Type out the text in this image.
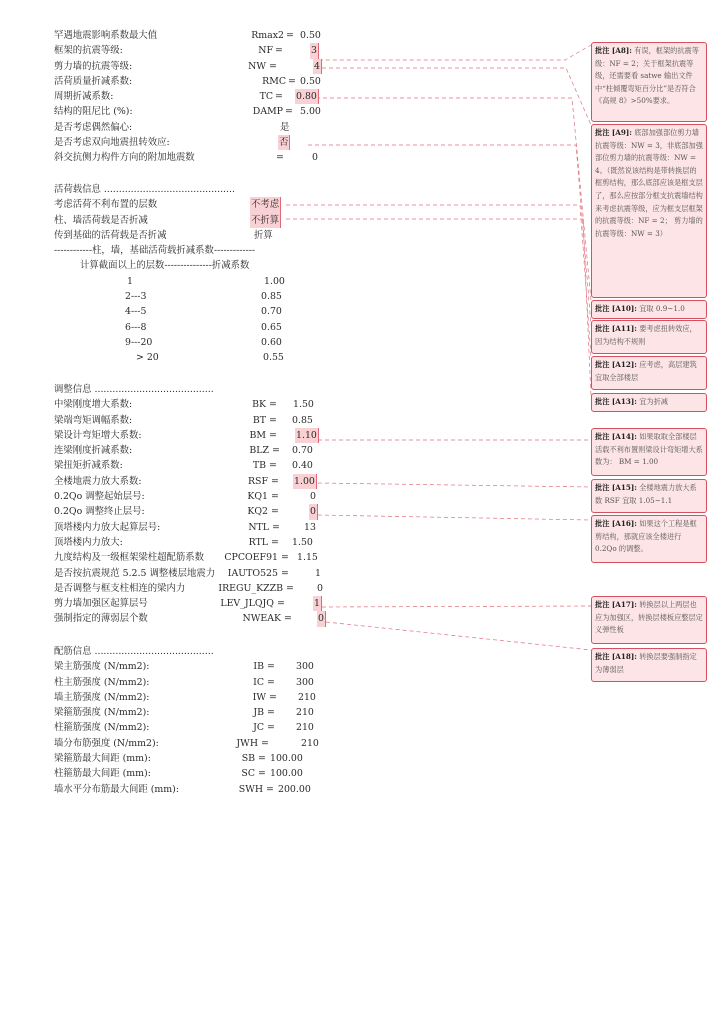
罕遇地震影响系数最大值	Rmax2 = 0.50
框架的抗震等级:	NF =	3
剪力墙的抗震等级:	NW =	4
活荷质量折减系数:	RMC = 0.50
周期折减系数:	TC = 0.80
结构的阻尼比 (%):	DAMP = 5.00
是否考虑偶然偏心:	是
是否考虑双向地震扭转效应:	否
斜交抗侧力构件方向的附加地震数	=	0
活荷载信息 ............................................
考虑活荷不利布置的层数	不考虑
柱、墙活荷载是否折减	不折算
传到基础的活荷载是否折减	折算
------------柱，墙，基础活荷载折减系数-------------
计算截面以上的层数---------------折减系数
1	1.00
2---3	0.85
4---5	0.70
6---8	0.65
9---20	0.60
> 20	0.55
调整信息 ........................................
中梁刚度增大系数:	BK = 1.50
梁端弯矩调幅系数:	BT = 0.85
梁设计弯矩增大系数:	BM = 1.10
连梁刚度折减系数:	BLZ = 0.70
梁扭矩折减系数:	TB = 0.40
全楼地震力放大系数:	RSF = 1.00
0.2Qo 调整起始层号:	KQ1 =	0
0.2Qo 调整终止层号:	KQ2 =	0
顶塔楼内力放大起算层号:	NTL =	13
顶塔楼内力放大:	RTL = 1.50
九度结构及一级框架梁柱超配筋系数 CPCOEF91 = 1.15
是否按抗震规范 5.2.5 调整楼层地震力 IAUTO525 =	1
是否调整与框支柱相连的梁内力	IREGU_KZZB = 0
剪力墙加强区起算层号	LEV_JLQJQ =	1
强制指定的薄弱层个数	NWEAK =	0
配筋信息 ........................................
梁主筋强度 (N/mm2):	IB = 300
柱主筋强度 (N/mm2):	IC = 300
墙主筋强度 (N/mm2):	IW = 210
梁箍筋强度 (N/mm2):	JB = 210
柱箍筋强度 (N/mm2):	JC = 210
墙分布筋强度 (N/mm2):	JWH =	210
梁箍筋最大间距 (mm):	SB = 100.00
柱箍筋最大间距 (mm):	SC = 100.00
墙水平分布筋最大间距 (mm):	SWH = 200.00
批注 [A8]: 有误，框架的抗震等级：NF = 2；关于框架抗震等级，还需要看 satwe 输出文件中“柱倾覆弯矩百分比”是否符合《高规 8》>50%要求。
批注 [A9]: 底部加强部位剪力墙抗震等级：NW = 3，非底部加强部位剪力墙的抗震等级：NW = 4。（既然说该结构是带转换层的框剪结构，那么底部应该是框支层了，那么应按部分框支抗震墙结构来考虑抗震等级，应为框支层框架的抗震等级：NF = 2； 剪力墙的抗震等级：NW = 3）
批注 [A10]: 宜取 0.9~1.0
批注 [A11]: 要考虑扭转效应， 因为结构不规则
批注 [A12]: 应考虑，高层建筑宜取全部楼层
批注 [A13]: 宜为折减
批注 [A14]: 如果取取全部楼层活载不利布置则梁设计弯矩增大系数为： BM = 1.00
批注 [A15]: 全楼地震力放大系数 RSF 宜取 1.05~1.1
批注 [A16]: 如果这个工程是框剪结构，那就应该全楼进行 0.2Qo 的调整。
批注 [A17]: 转换层以上两层也应为加强区，转换层楼板应整层定义弹性板
批注 [A18]: 转换层要强制指定为薄弱层
